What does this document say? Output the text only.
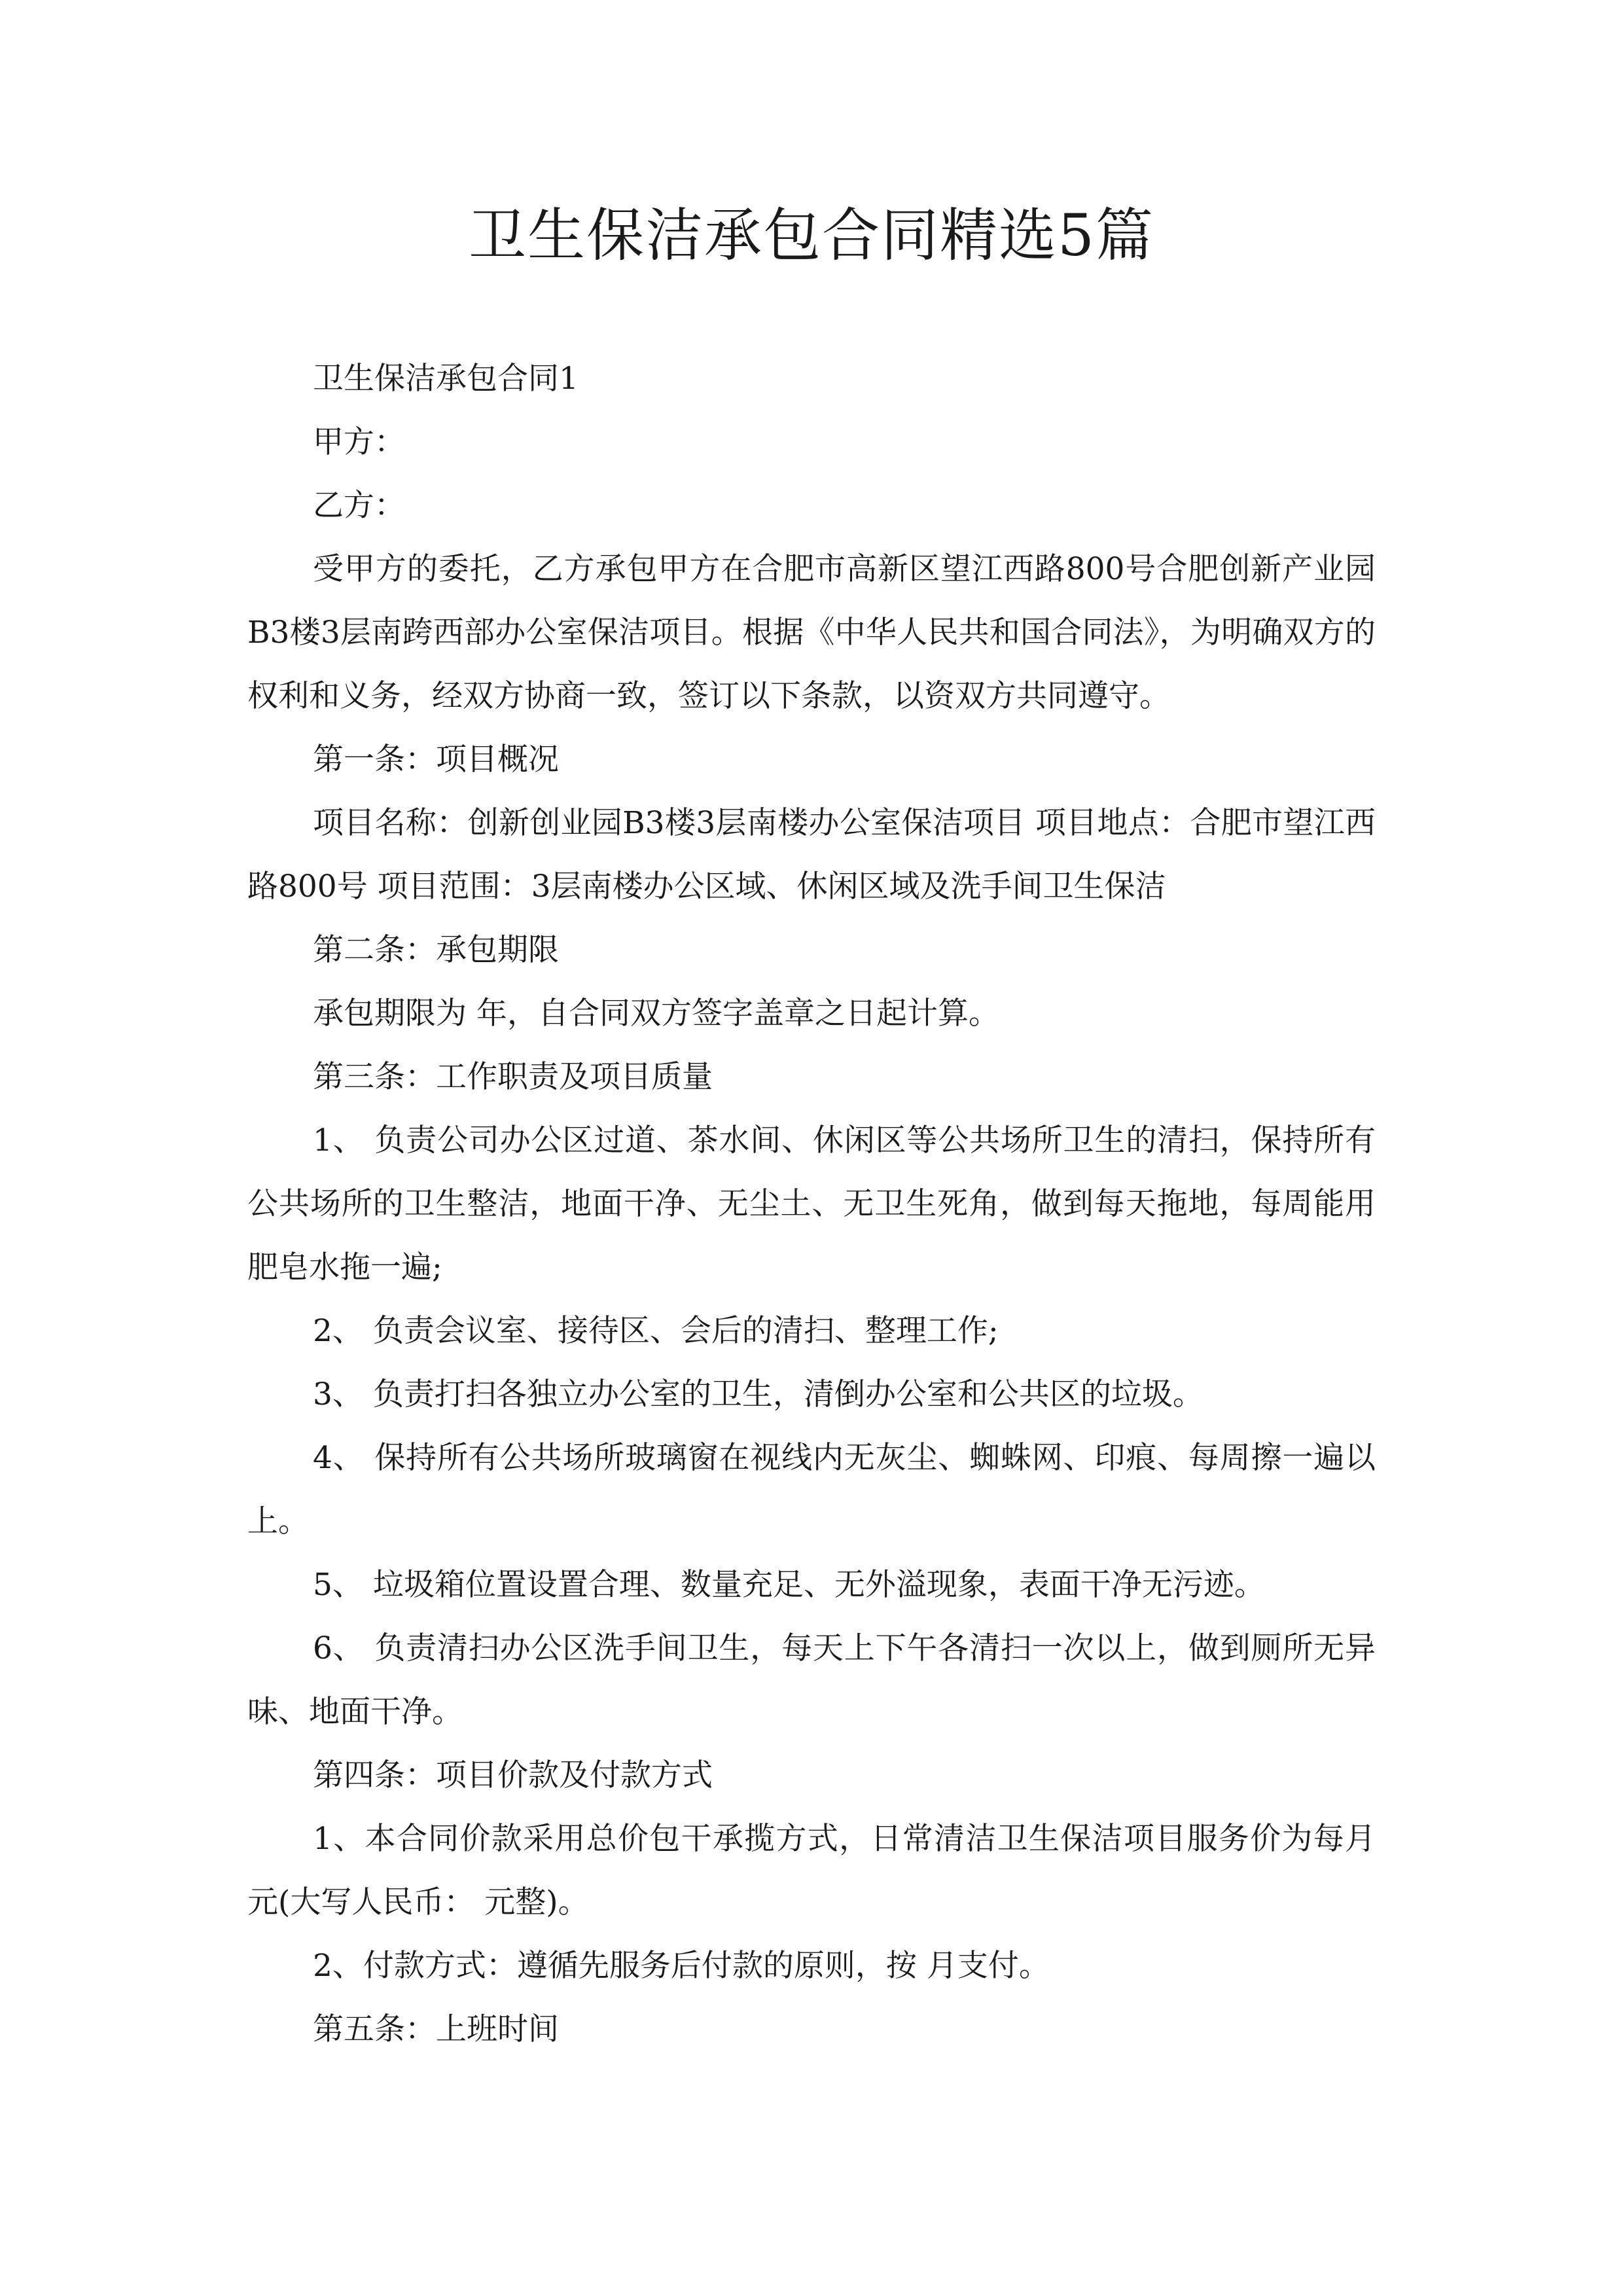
卫生保洁承包合同精选5篇

卫生保洁承包合同1

甲方：

乙方：

受甲方的委托，乙方承包甲方在合肥市高新区望江西路800号合肥创新产业园B3楼3层南跨西部办公室保洁项目。根据《中华人民共和国合同法》，为明确双方的权利和义务，经双方协商一致，签订以下条款，以资双方共同遵守。

第一条：项目概况

项目名称：创新创业园B3楼3层南楼办公室保洁项目 项目地点：合肥市望江西路800号 项目范围：3层南楼办公区域、休闲区域及洗手间卫生保洁

第二条：承包期限

承包期限为 年，自合同双方签字盖章之日起计算。

第三条：工作职责及项目质量

1、 负责公司办公区过道、茶水间、休闲区等公共场所卫生的清扫，保持所有公共场所的卫生整洁，地面干净、无尘土、无卫生死角，做到每天拖地，每周能用肥皂水拖一遍;

2、 负责会议室、接待区、会后的清扫、整理工作;

3、 负责打扫各独立办公室的卫生，清倒办公室和公共区的垃圾。

4、 保持所有公共场所玻璃窗在视线内无灰尘、蜘蛛网、印痕、每周擦一遍以上。

5、 垃圾箱位置设置合理、数量充足、无外溢现象，表面干净无污迹。

6、 负责清扫办公区洗手间卫生，每天上下午各清扫一次以上，做到厕所无异味、地面干净。

第四条：项目价款及付款方式

1、本合同价款采用总价包干承揽方式，日常清洁卫生保洁项目服务价为每月 元(大写人民币： 元整)。

2、付款方式：遵循先服务后付款的原则，按 月支付。

第五条：上班时间
